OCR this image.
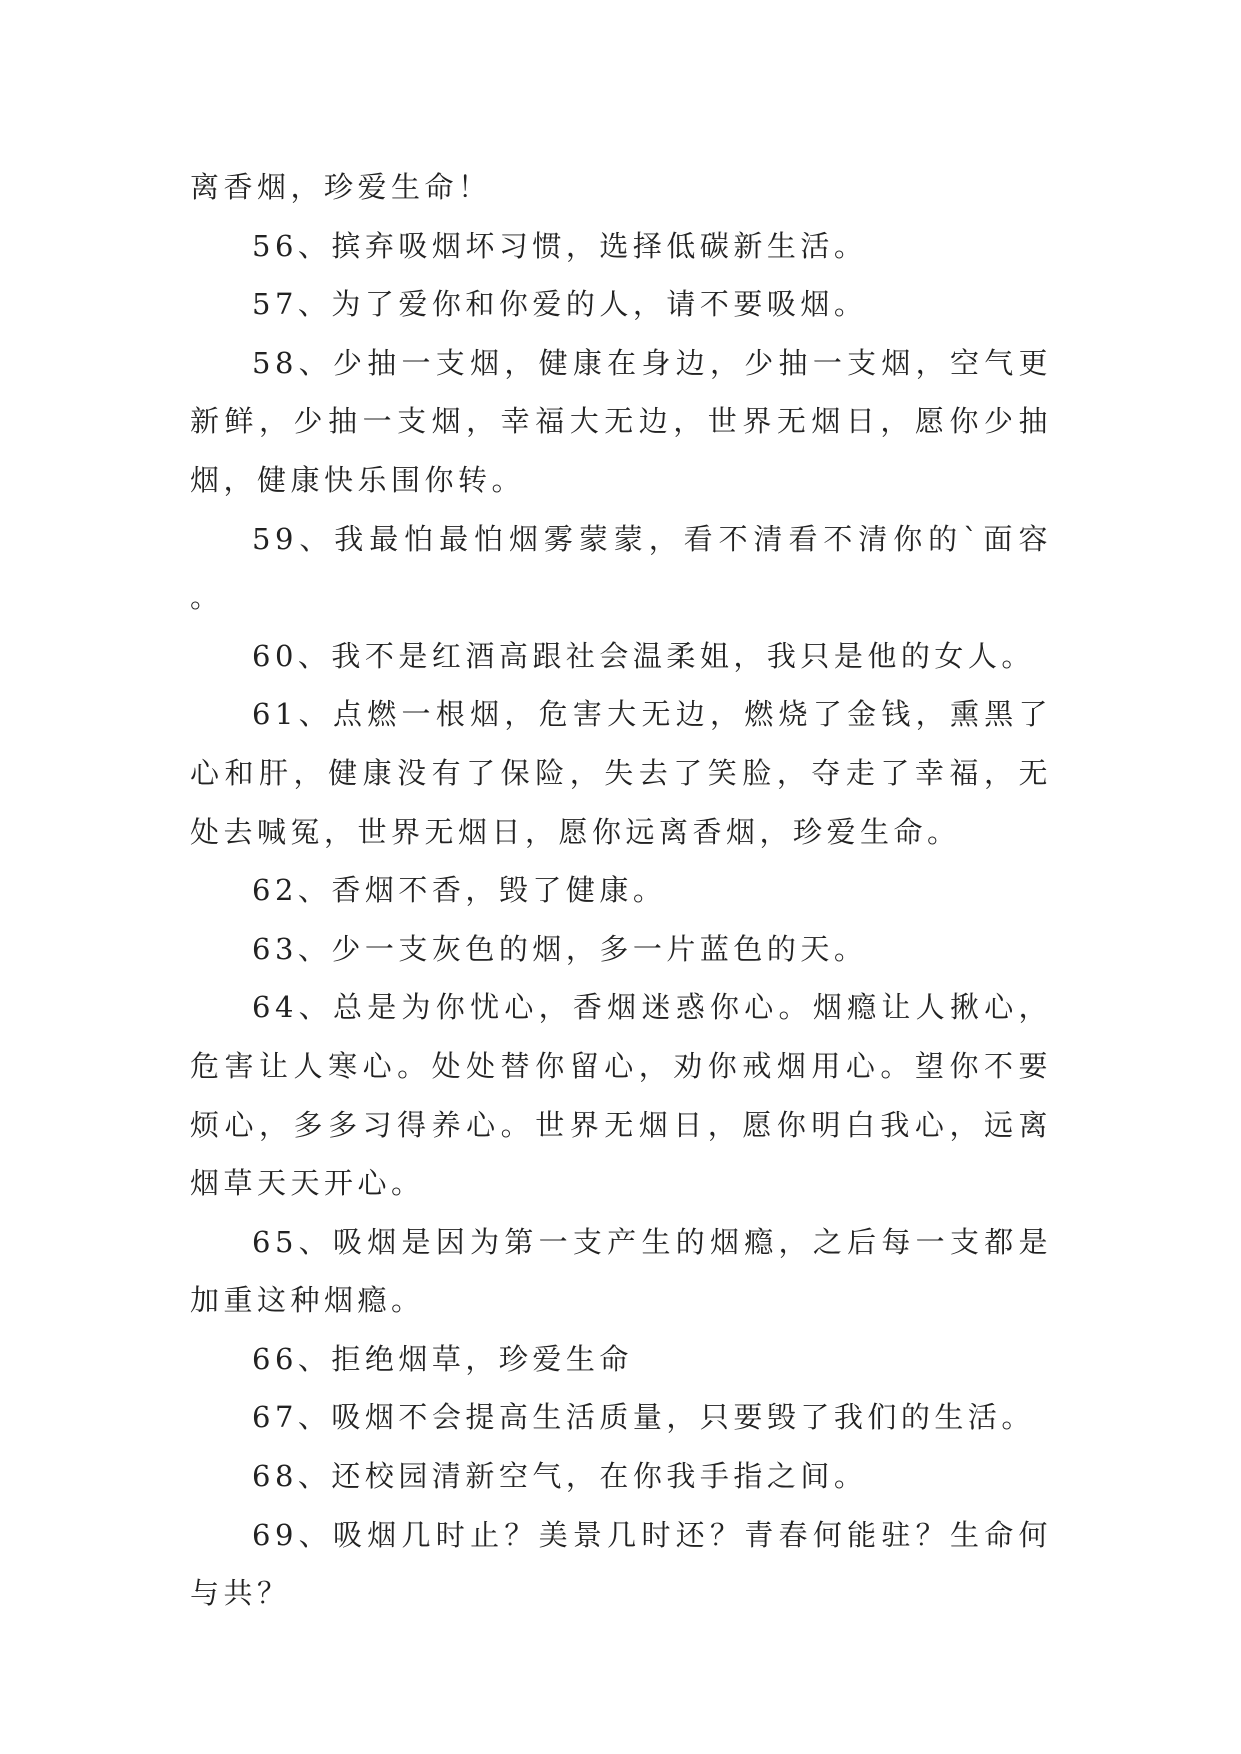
离香烟，珍爱生命！

56、摈弃吸烟坏习惯，选择低碳新生活。

57、为了爱你和你爱的人，请不要吸烟。

58、少抽一支烟，健康在身边，少抽一支烟，空气更新鲜，少抽一支烟，幸福大无边，世界无烟日，愿你少抽烟，健康快乐围你转。

59、我最怕最怕烟雾蒙蒙，看不清看不清你的`面容。

60、我不是红酒高跟社会温柔姐，我只是他的女人。

61、点燃一根烟，危害大无边，燃烧了金钱，熏黑了心和肝，健康没有了保险，失去了笑脸，夺走了幸福，无处去喊冤，世界无烟日，愿你远离香烟，珍爱生命。

62、香烟不香，毁了健康。

63、少一支灰色的烟，多一片蓝色的天。

64、总是为你忧心，香烟迷惑你心。烟瘾让人揪心，危害让人寒心。处处替你留心，劝你戒烟用心。望你不要烦心，多多习得养心。世界无烟日，愿你明白我心，远离烟草天天开心。

65、吸烟是因为第一支产生的烟瘾，之后每一支都是加重这种烟瘾。

66、拒绝烟草，珍爱生命

67、吸烟不会提高生活质量，只要毁了我们的生活。

68、还校园清新空气，在你我手指之间。

69、吸烟几时止？美景几时还？青春何能驻？生命何与共？
